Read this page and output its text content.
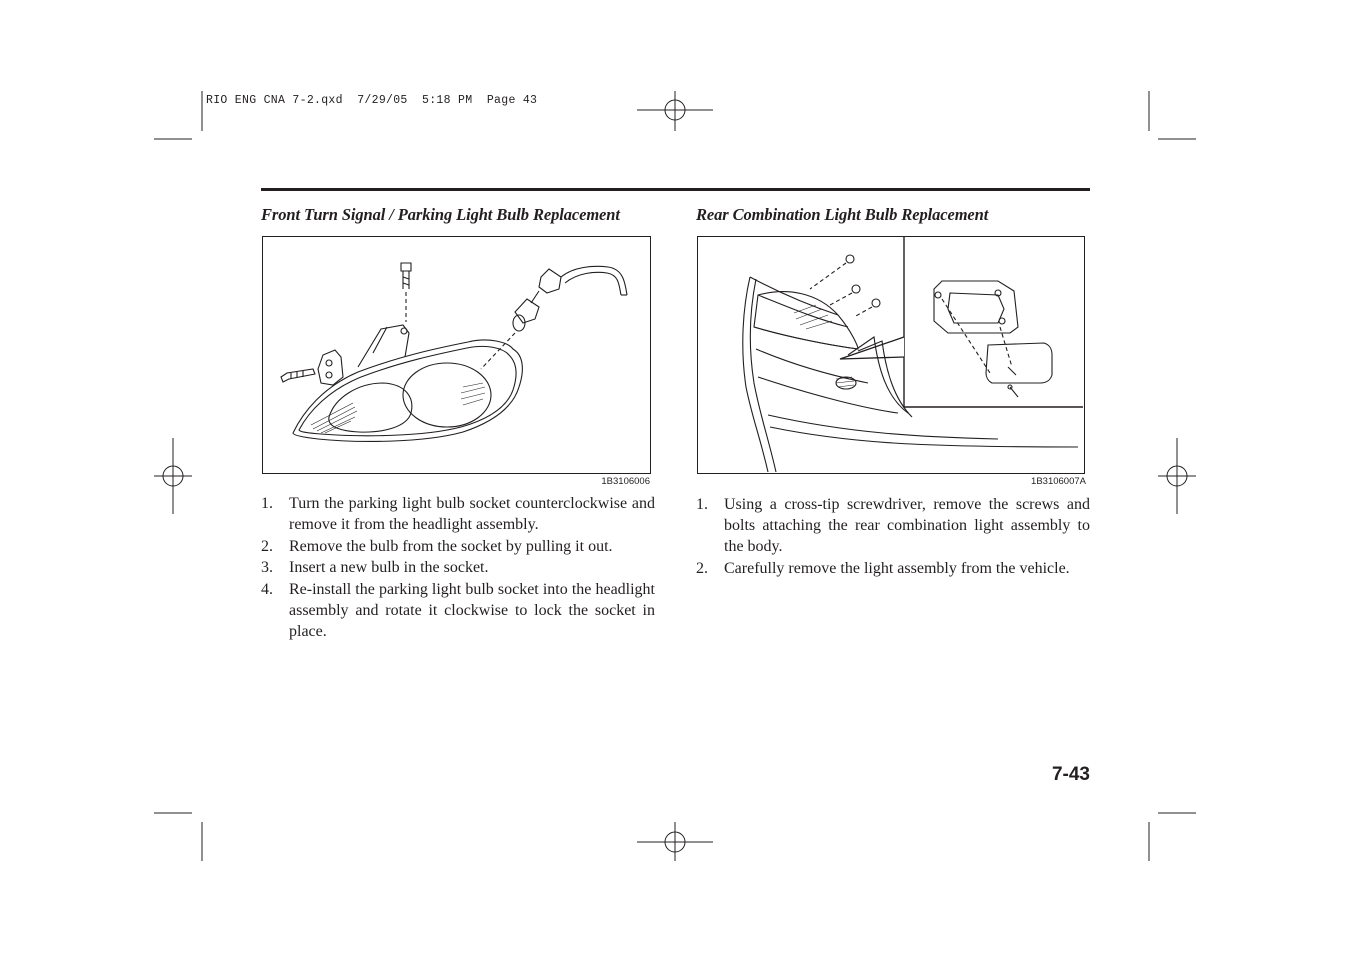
RIO ENG CNA 7-2.qxd  7/29/05  5:18 PM  Page 43
Front Turn Signal / Parking Light Bulb Replacement
1B3106006
1. Turn the parking light bulb socket counterclockwise and remove it from the headlight assembly.
2. Remove the bulb from the socket by pulling it out.
3. Insert a new bulb in the socket.
4. Re-install the parking light bulb socket into the headlight assembly and rotate it clockwise to lock the socket in place.
Rear Combination Light Bulb Replacement
1B3106007A
1. Using a cross-tip screwdriver, remove the screws and bolts attaching the rear combination light assembly to the body.
2. Carefully remove the light assembly from the vehicle.
7-43
